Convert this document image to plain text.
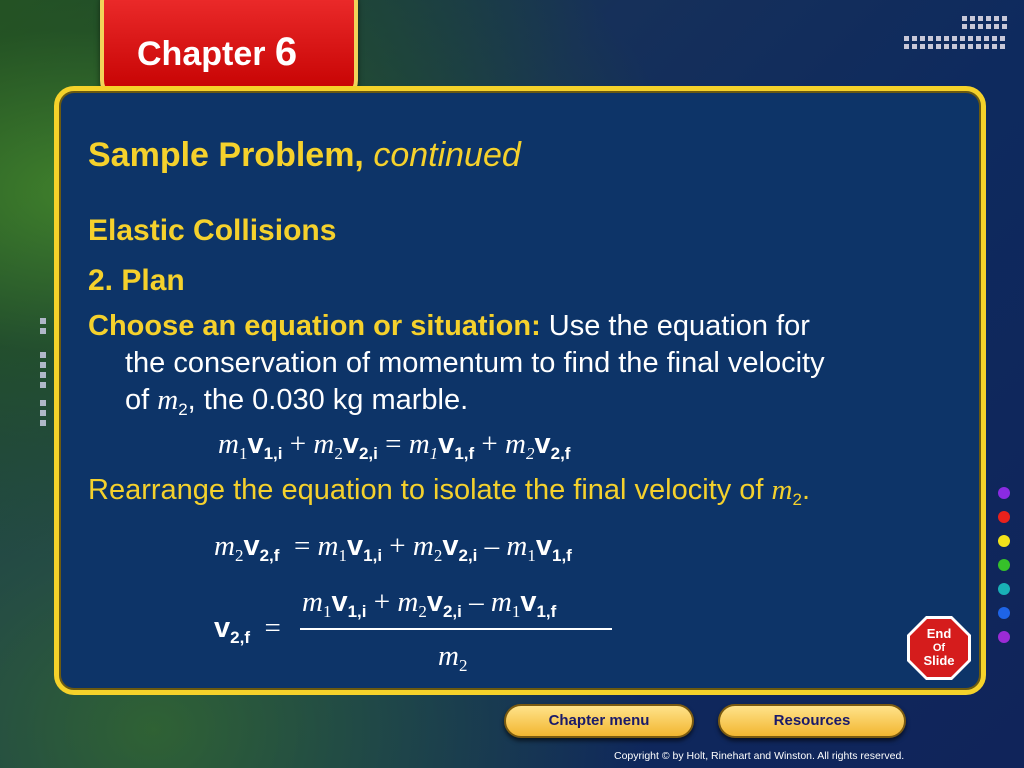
Chapter 6
Sample Problem, continued
Elastic Collisions
2. Plan
Choose an equation or situation: Use the equation for
the conservation of momentum to find the final velocity
of $m_2$, the 0.030 kg marble.
$m_1v_{1,i} + m_2v_{2,i} = m_1v_{1,f} + m_2v_{2,f}$
Rearrange the equation to isolate the final velocity of $m_2$.
$m_2v_{2,f} = m_1v_{1,i} + m_2v_{2,i} - m_1v_{1,f}$
$v_{2,f}$ =
$m_1v_{1,i} + m_2v_{2,i} - m_1v_{1,f}$
$m_2$
End
Of
Slide
Chapter menu	Resources
Copyright © by Holt, Rinehart and Winston. All rights reserved.
